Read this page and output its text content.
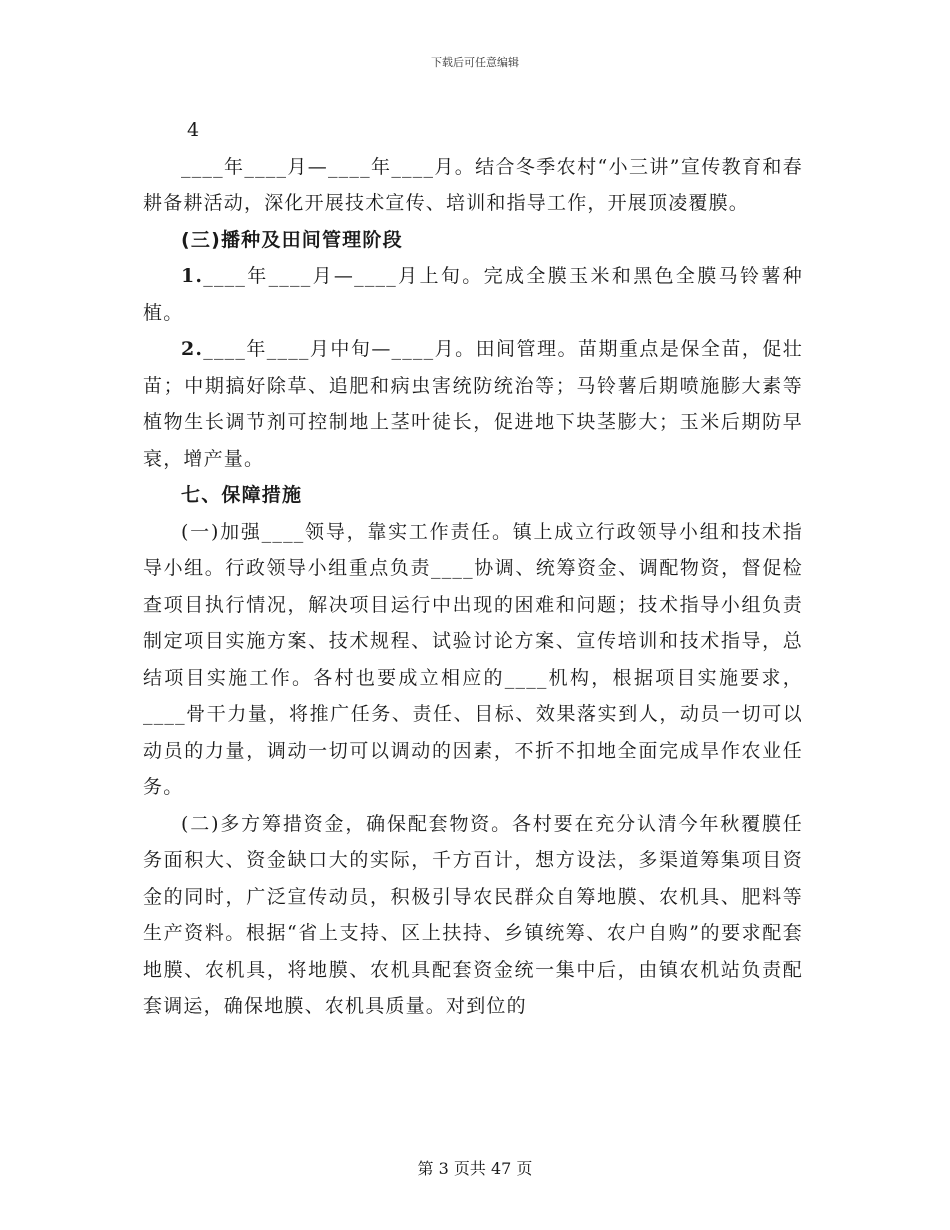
下载后可任意编辑

4

____年____月—____年____月。结合冬季农村“小三讲”宣传教育和春耕备耕活动，深化开展技术宣传、培训和指导工作，开展顶凌覆膜。

(三)播种及田间管理阶段

1.____年____月—____月上旬。完成全膜玉米和黑色全膜马铃薯种植。

2.____年____月中旬—____月。田间管理。苗期重点是保全苗，促壮苗；中期搞好除草、追肥和病虫害统防统治等；马铃薯后期喷施膨大素等植物生长调节剂可控制地上茎叶徒长，促进地下块茎膨大；玉米后期防早衰，增产量。

七、保障措施

(一)加强____领导，靠实工作责任。镇上成立行政领导小组和技术指导小组。行政领导小组重点负责____协调、统筹资金、调配物资，督促检查项目执行情况，解决项目运行中出现的困难和问题；技术指导小组负责制定项目实施方案、技术规程、试验讨论方案、宣传培训和技术指导，总结项目实施工作。各村也要成立相应的____机构，根据项目实施要求，____骨干力量，将推广任务、责任、目标、效果落实到人，动员一切可以动员的力量，调动一切可以调动的因素，不折不扣地全面完成旱作农业任务。

(二)多方筹措资金，确保配套物资。各村要在充分认清今年秋覆膜任务面积大、资金缺口大的实际，千方百计，想方设法，多渠道筹集项目资金的同时，广泛宣传动员，积极引导农民群众自筹地膜、农机具、肥料等生产资料。根据“省上支持、区上扶持、乡镇统筹、农户自购”的要求配套地膜、农机具，将地膜、农机具配套资金统一集中后，由镇农机站负责配套调运，确保地膜、农机具质量。对到位的

第 3 页共 47 页
